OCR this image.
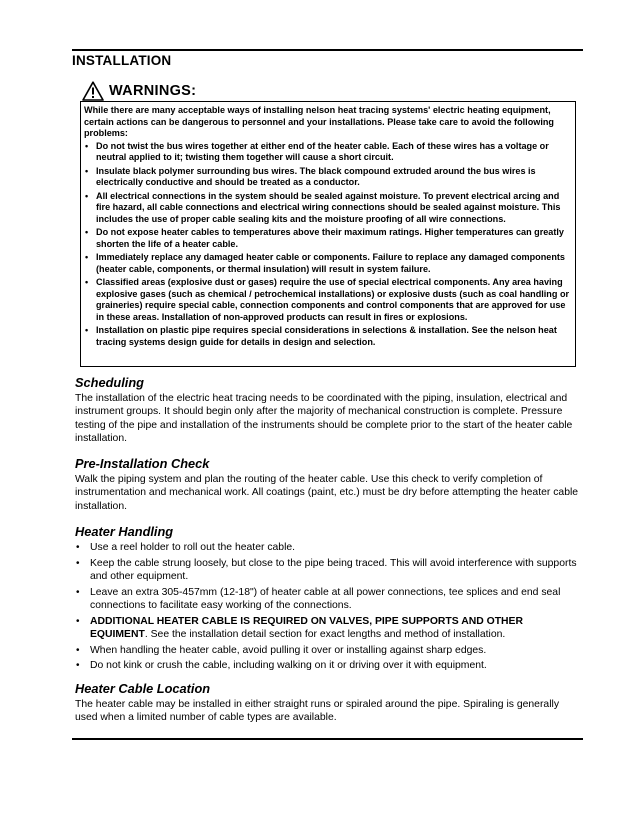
INSTALLATION
WARNINGS:

While there are many acceptable ways of installing nelson heat tracing systems' electric heating equipment, certain actions can be dangerous to personnel and your installations. Please take care to avoid the following problems:

• Do not twist the bus wires together at either end of the heater cable. Each of these wires has a voltage or neutral applied to it; twisting them together will cause a short circuit.
• Insulate black polymer surrounding bus wires. The black compound extruded around the bus wires is electrically conductive and should be treated as a conductor.
• All electrical connections in the system should be sealed against moisture. To prevent electrical arcing and fire hazard, all cable connections and electrical wiring connections should be sealed against moisture. This includes the use of proper cable sealing kits and the moisture proofing of all wire connections.
• Do not expose heater cables to temperatures above their maximum ratings. Higher temperatures can greatly shorten the life of a heater cable.
• Immediately replace any damaged heater cable or components. Failure to replace any damaged components (heater cable, components, or thermal insulation) will result in system failure.
• Classified areas (explosive dust or gases) require the use of special electrical components. Any area having explosive gases (such as chemical / petrochemical installations) or explosive dusts (such as coal handling or graineries) require special cable, connection components and control components that are approved for use in these areas. Installation of non-approved products can result in fires or explosions.
• Installation on plastic pipe requires special considerations in selections & installation. See the nelson heat tracing systems design guide for details in design and selection.
Scheduling

The installation of the electric heat tracing needs to be coordinated with the piping, insulation, electrical and instrument groups. It should begin only after the majority of mechanical construction is complete. Pressure testing of the pipe and installation of the instruments should be complete prior to the start of the heater cable installation.

Pre-Installation Check

Walk the piping system and plan the routing of the heater cable. Use this check to verify completion of instrumentation and mechanical work. All coatings (paint, etc.) must be dry before attempting the heater cable installation.

Heater Handling
• Use a reel holder to roll out the heater cable.
• Keep the cable strung loosely, but close to the pipe being traced. This will avoid interference with supports and other equipment.
• Leave an extra 305-457mm (12-18") of heater cable at all power connections, tee splices and end seal connections to facilitate easy working of the connections.
• ADDITIONAL HEATER CABLE IS REQUIRED ON VALVES, PIPE SUPPORTS AND OTHER EQUIMENT. See the installation detail section for exact lengths and method of installation.
• When handling the heater cable, avoid pulling it over or installing against sharp edges.
• Do not kink or crush the cable, including walking on it or driving over it with equipment.
Heater Cable Location

The heater cable may be installed in either straight runs or spiraled around the pipe. Spiraling is generally used when a limited number of cable types are available.
